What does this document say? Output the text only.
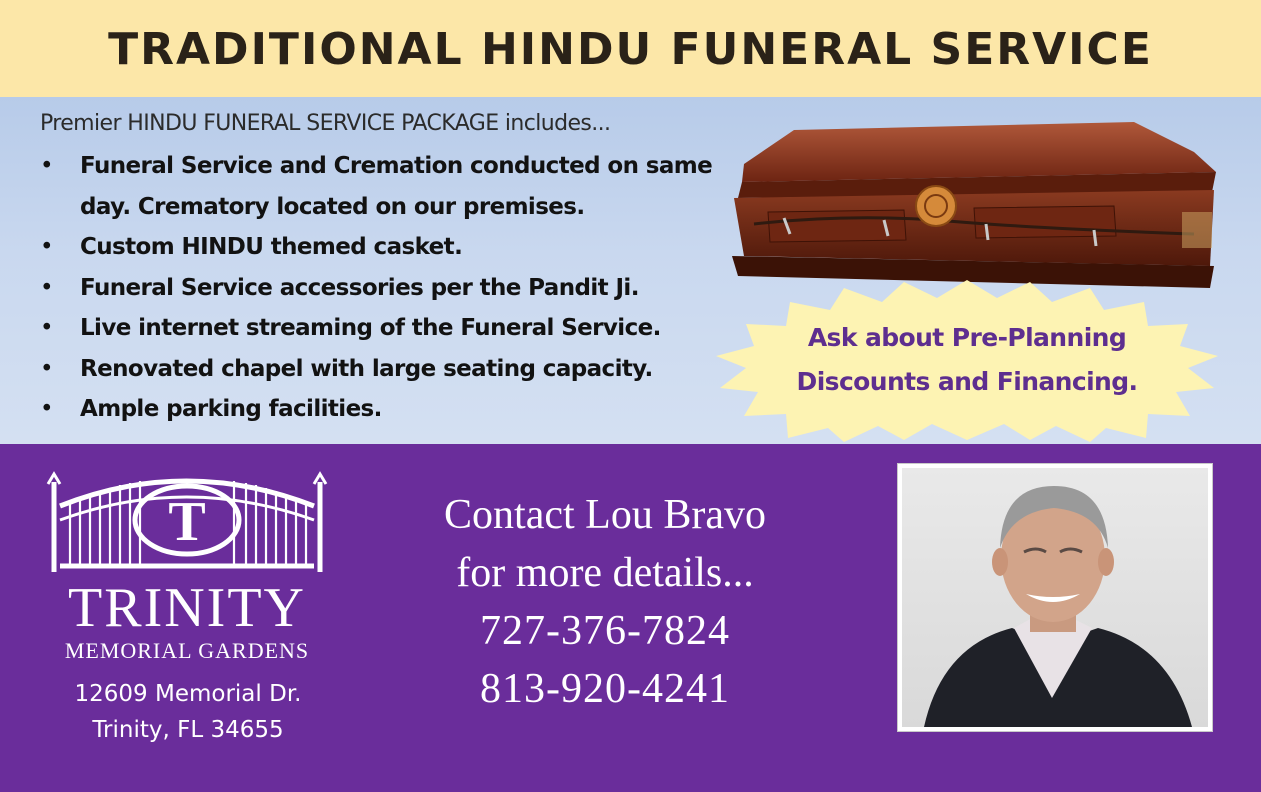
TRADITIONAL HINDU FUNERAL SERVICE
Premier HINDU FUNERAL SERVICE PACKAGE includes...
• Funeral Service and Cremation conducted on same day. Crematory located on our premises.
• Custom HINDU themed casket.
• Funeral Service accessories per the Pandit Ji.
• Live internet streaming of the Funeral Service.
• Renovated chapel with large seating capacity.
• Ample parking facilities.
Ask about Pre-Planning
Discounts and Financing.
T
TRINITY
MEMORIAL GARDENS
12609 Memorial Dr.
Trinity, FL 34655
Contact Lou Bravo
for more details...
727-376-7824
813-920-4241
